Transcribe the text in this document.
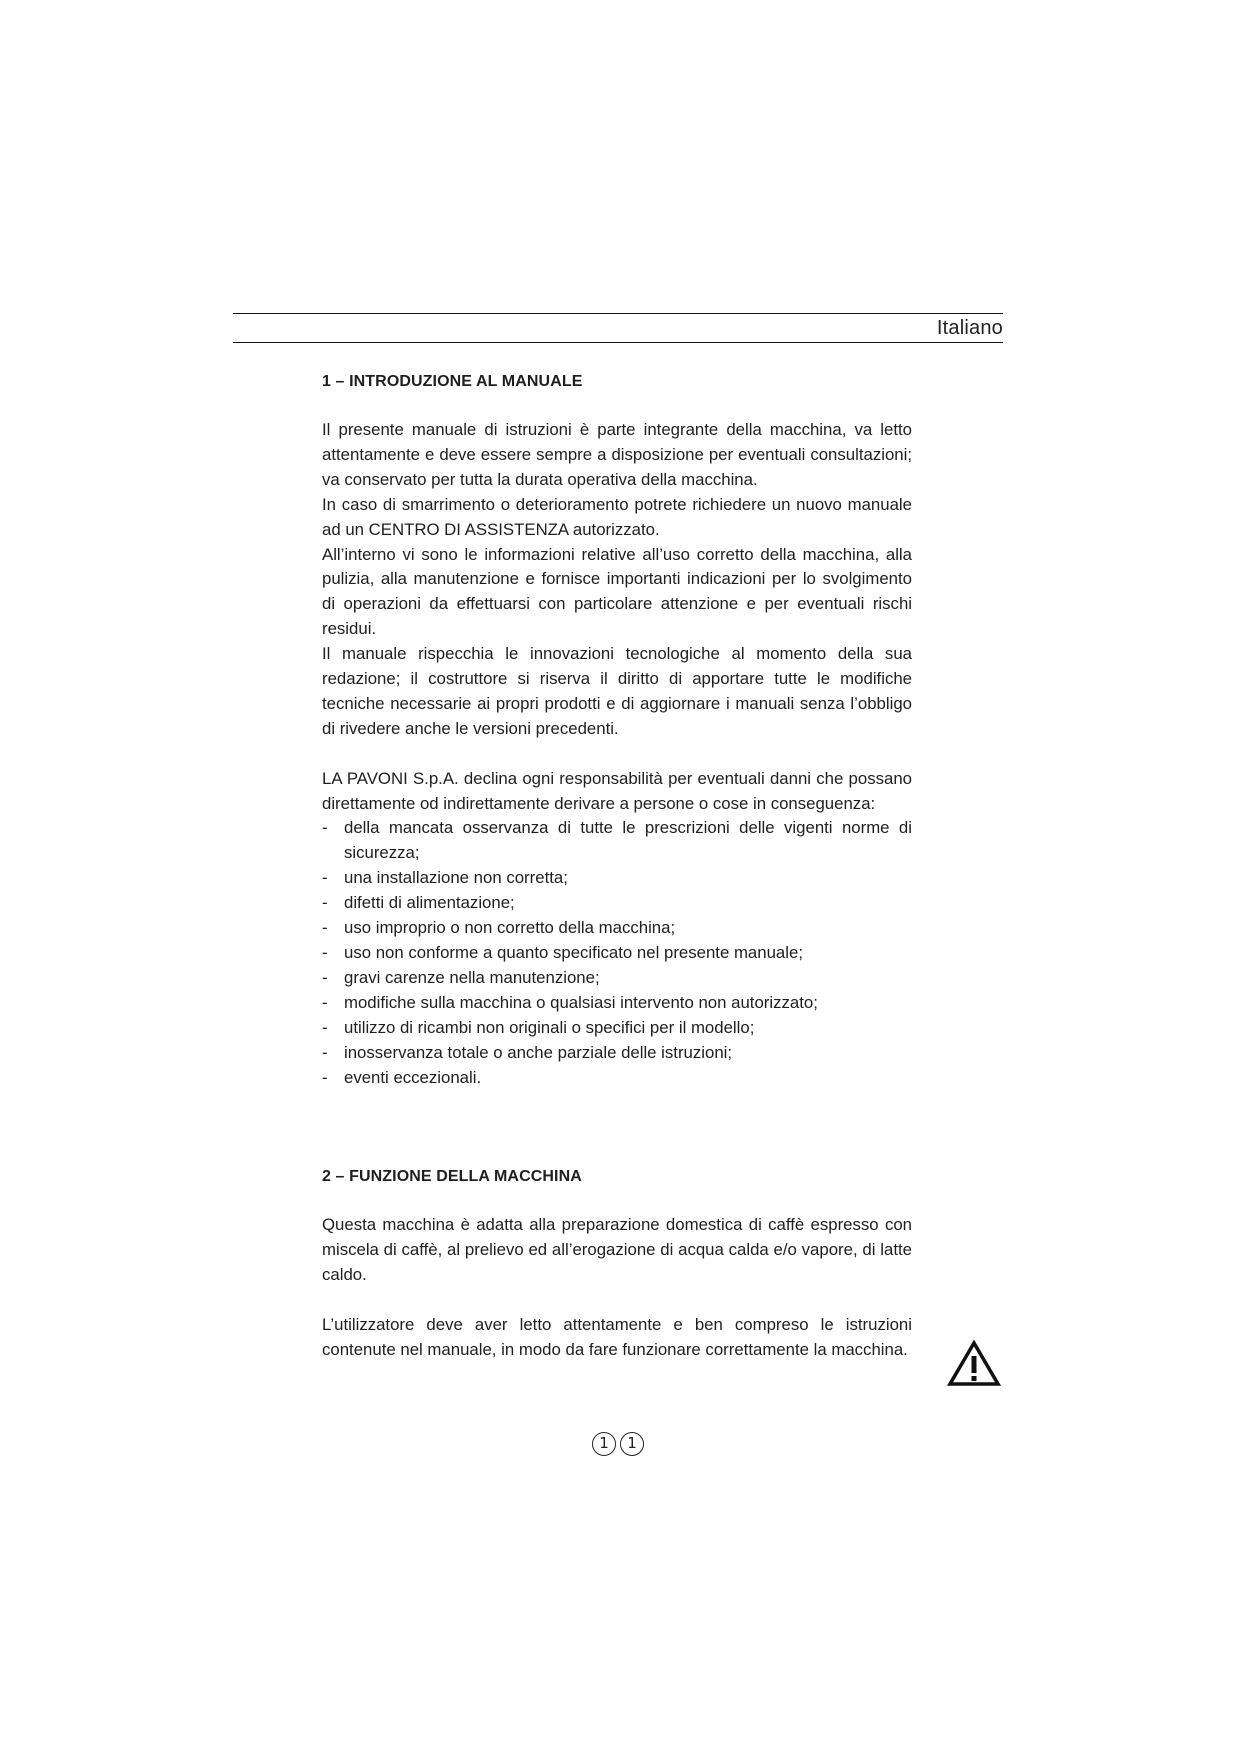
Italiano

1 – INTRODUZIONE AL MANUALE

Il presente manuale di istruzioni è parte integrante della macchina, va letto attentamente e deve essere sempre a disposizione per eventuali consultazioni; va conservato per tutta la durata operativa della macchina.

In caso di smarrimento o deterioramento potrete richiedere un nuovo manuale ad un CENTRO DI ASSISTENZA autorizzato.

All’interno vi sono le informazioni relative all’uso corretto della macchina, alla pulizia, alla manutenzione e fornisce importanti indicazioni per lo svolgimento di operazioni da effettuarsi con particolare attenzione e per eventuali rischi residui.

Il manuale rispecchia le innovazioni tecnologiche al momento della sua redazione; il costruttore si riserva il diritto di apportare tutte le modifiche tecniche necessarie ai propri prodotti e di aggiornare i manuali senza l’obbligo di rivedere anche le versioni precedenti.

LA PAVONI S.p.A. declina ogni responsabilità per eventuali danni che possano direttamente od indirettamente derivare a persone o cose in conseguenza:

- della mancata osservanza di tutte le prescrizioni delle vigenti norme di sicurezza;
- una installazione non corretta;
- difetti di alimentazione;
- uso improprio o non corretto della macchina;
- uso non conforme a quanto specificato nel presente manuale;
- gravi carenze nella manutenzione;
- modifiche sulla macchina o qualsiasi intervento non autorizzato;
- utilizzo di ricambi non originali o specifici per il modello;
- inosservanza totale o anche parziale delle istruzioni;
- eventi eccezionali.

2 – FUNZIONE DELLA MACCHINA

Questa macchina è adatta alla preparazione domestica di caffè espresso con miscela di caffè, al prelievo ed all’erogazione di acqua calda e/o vapore, di latte caldo.

L’utilizzatore deve aver letto attentamente e ben compreso le istruzioni contenute nel manuale, in modo da fare funzionare correttamente la macchina.

1	1
